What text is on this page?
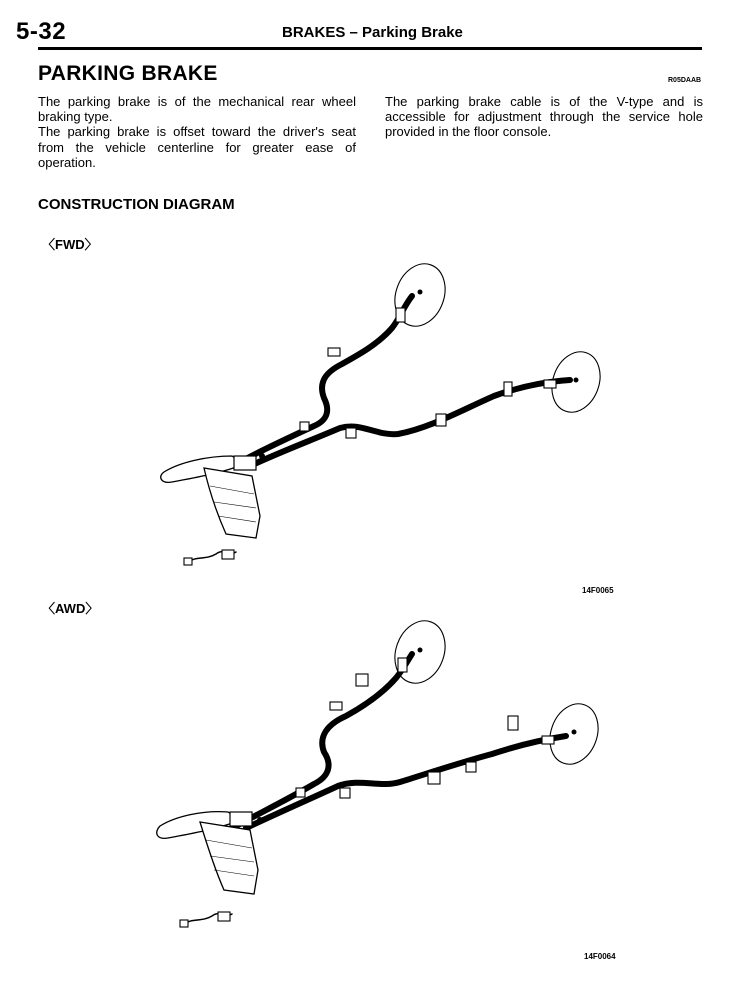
5-32	BRAKES – Parking Brake
PARKING BRAKE	R05DAAB

The parking brake is of the mechanical rear wheel braking type.

The parking brake is offset toward the driver's seat from the vehicle centerline for greater ease of operation.

The parking brake cable is of the V-type and is accessible for adjustment through the service hole provided in the floor console.

CONSTRUCTION DIAGRAM
〈FWD〉
14F0065
〈AWD〉
14F0064
